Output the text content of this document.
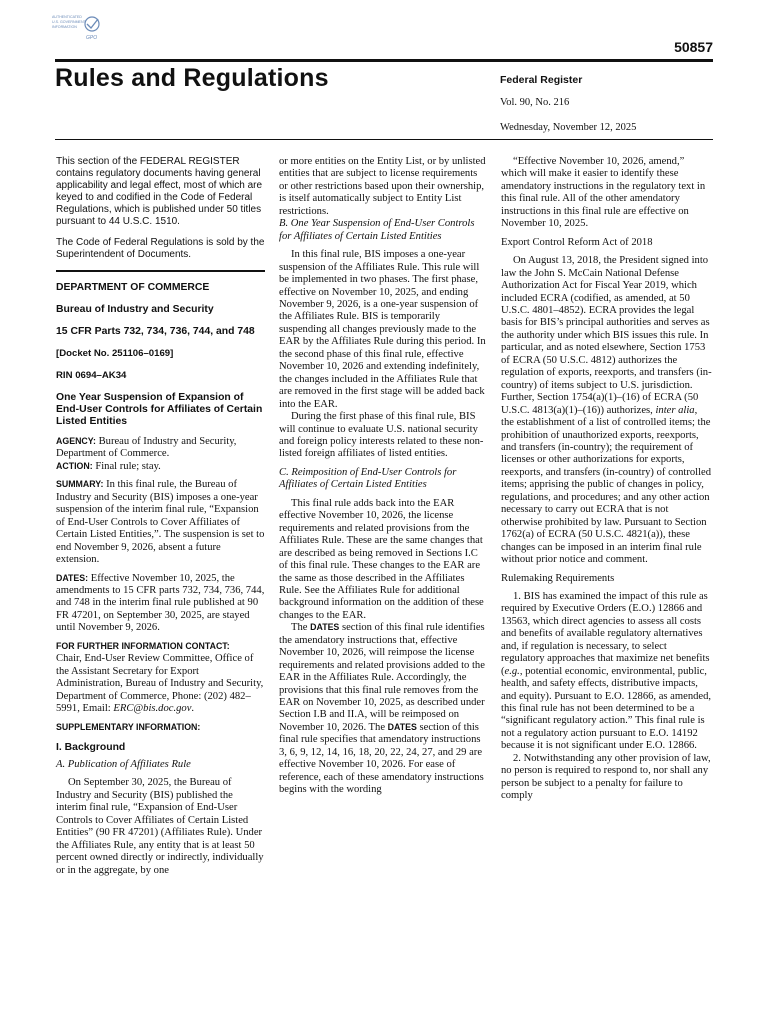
AUTHENTICATED
U.S. GOVERNMENT
INFORMATION
GPO
50857
Rules and Regulations	Federal Register
Vol. 90, No. 216
Wednesday, November 12, 2025

This section of the FEDERAL REGISTER contains regulatory documents having general applicability and legal effect, most of which are keyed to and codified in the Code of Federal Regulations, which is published under 50 titles pursuant to 44 U.S.C. 1510.

The Code of Federal Regulations is sold by the Superintendent of Documents.

DEPARTMENT OF COMMERCE

Bureau of Industry and Security

15 CFR Parts 732, 734, 736, 744, and 748

[Docket No. 251106–0169]

RIN 0694–AK34

One Year Suspension of Expansion of End-User Controls for Affiliates of Certain Listed Entities

AGENCY: Bureau of Industry and Security, Department of Commerce.

ACTION: Final rule; stay.

SUMMARY: In this final rule, the Bureau of Industry and Security (BIS) imposes a one-year suspension of the interim final rule, “Expansion of End-User Controls to Cover Affiliates of Certain Listed Entities,”. The suspension is set to end November 9, 2026, absent a future extension.

DATES: Effective November 10, 2025, the amendments to 15 CFR parts 732, 734, 736, 744, and 748 in the interim final rule published at 90 FR 47201, on September 30, 2025, are stayed until November 9, 2026.

FOR FURTHER INFORMATION CONTACT:

Chair, End-User Review Committee, Office of the Assistant Secretary for Export Administration, Bureau of Industry and Security, Department of Commerce, Phone: (202) 482–5991, Email: ERC@bis.doc.gov.

SUPPLEMENTARY INFORMATION:

I. Background

A. Publication of Affiliates Rule

On September 30, 2025, the Bureau of Industry and Security (BIS) published the interim final rule, “Expansion of End-User Controls to Cover Affiliates of Certain Listed Entities” (90 FR 47201) (Affiliates Rule). Under the Affiliates Rule, any entity that is at least 50 percent owned directly or indirectly, individually or in the aggregate, by one

or more entities on the Entity List, or by unlisted entities that are subject to license requirements or other restrictions based upon their ownership, is itself automatically subject to Entity List restrictions.

B. One Year Suspension of End-User Controls for Affiliates of Certain Listed Entities

In this final rule, BIS imposes a one-year suspension of the Affiliates Rule. This rule will be implemented in two phases. The first phase, effective on November 10, 2025, and ending November 9, 2026, is a one-year suspension of the Affiliates Rule. BIS is temporarily suspending all changes previously made to the EAR by the Affiliates Rule during this period. In the second phase of this final rule, effective November 10, 2026 and extending indefinitely, the changes included in the Affiliates Rule that are removed in the first stage will be added back into the EAR.

During the first phase of this final rule, BIS will continue to evaluate U.S. national security and foreign policy interests related to these non-listed foreign affiliates of listed entities.

C. Reimposition of End-User Controls for Affiliates of Certain Listed Entities

This final rule adds back into the EAR effective November 10, 2026, the license requirements and related provisions from the Affiliates Rule. These are the same changes that are described as being removed in Sections I.C of this final rule. These changes to the EAR are the same as those described in the Affiliates Rule. See the Affiliates Rule for additional background information on the addition of these changes to the EAR.

The DATES section of this final rule identifies the amendatory instructions that, effective November 10, 2026, will reimpose the license requirements and related provisions added to the EAR in the Affiliates Rule. Accordingly, the provisions that this final rule removes from the EAR on November 10, 2025, as described under Section I.B and II.A, will be reimposed on November 10, 2026. The DATES section of this final rule specifies that amendatory instructions 3, 6, 9, 12, 14, 16, 18, 20, 22, 24, 27, and 29 are effective November 10, 2026. For ease of reference, each of these amendatory instructions begins with the wording

“Effective November 10, 2026, amend,” which will make it easier to identify these amendatory instructions in the regulatory text in this final rule. All of the other amendatory instructions in this final rule are effective on November 10, 2025.

Export Control Reform Act of 2018

On August 13, 2018, the President signed into law the John S. McCain National Defense Authorization Act for Fiscal Year 2019, which included ECRA (codified, as amended, at 50 U.S.C. 4801–4852). ECRA provides the legal basis for BIS’s principal authorities and serves as the authority under which BIS issues this rule. In particular, and as noted elsewhere, Section 1753 of ECRA (50 U.S.C. 4812) authorizes the regulation of exports, reexports, and transfers (in-country) of items subject to U.S. jurisdiction. Further, Section 1754(a)(1)–(16) of ECRA (50 U.S.C. 4813(a)(1)–(16)) authorizes, inter alia, the establishment of a list of controlled items; the prohibition of unauthorized exports, reexports, and transfers (in-country); the requirement of licenses or other authorizations for exports, reexports, and transfers (in-country) of controlled items; apprising the public of changes in policy, regulations, and procedures; and any other action necessary to carry out ECRA that is not otherwise prohibited by law. Pursuant to Section 1762(a) of ECRA (50 U.S.C. 4821(a)), these changes can be imposed in an interim final rule without prior notice and comment.

Rulemaking Requirements

1. BIS has examined the impact of this rule as required by Executive Orders (E.O.) 12866 and 13563, which direct agencies to assess all costs and benefits of available regulatory alternatives and, if regulation is necessary, to select regulatory approaches that maximize net benefits (e.g., potential economic, environmental, public, health, and safety effects, distributive impacts, and equity). Pursuant to E.O. 12866, as amended, this final rule has not been determined to be a “significant regulatory action.” This final rule is not a regulatory action pursuant to E.O. 14192 because it is not significant under E.O. 12866.

2. Notwithstanding any other provision of law, no person is required to respond to, nor shall any person be subject to a penalty for failure to comply
